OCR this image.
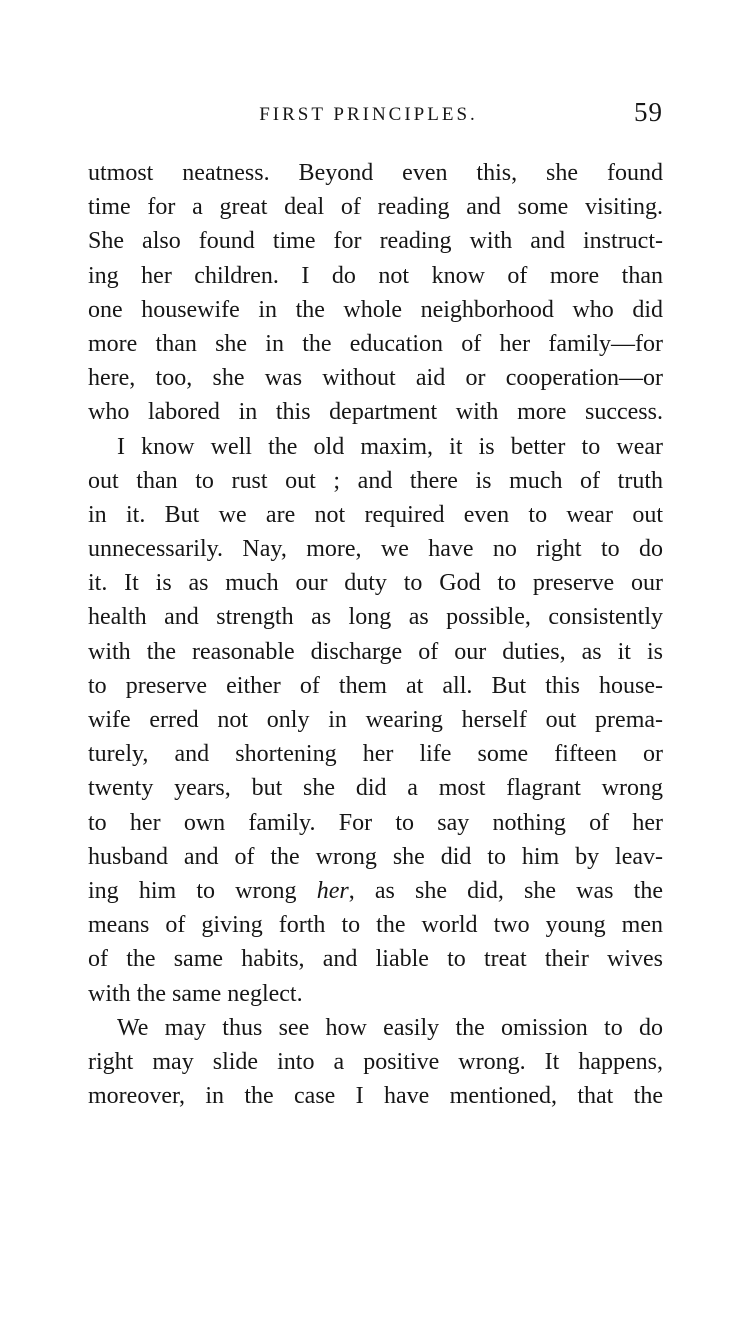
FIRST PRINCIPLES.	59
utmost neatness. Beyond even this, she found
time for a great deal of reading and some visiting.
She also found time for reading with and instruct-
ing her children. I do not know of more than
one housewife in the whole neighborhood who did
more than she in the education of her family—for
here, too, she was without aid or cooperation—or
who labored in this department with more success.
I know well the old maxim, it is better to wear
out than to rust out ; and there is much of truth
in it. But we are not required even to wear out
unnecessarily. Nay, more, we have no right to do
it. It is as much our duty to God to preserve our
health and strength as long as possible, consistently
with the reasonable discharge of our duties, as it is
to preserve either of them at all. But this house-
wife erred not only in wearing herself out prema-
turely, and shortening her life some fifteen or
twenty years, but she did a most flagrant wrong
to her own family. For to say nothing of her
husband and of the wrong she did to him by leav-
ing him to wrong her, as she did, she was the
means of giving forth to the world two young men
of the same habits, and liable to treat their wives
with the same neglect.
We may thus see how easily the omission to do
right may slide into a positive wrong. It happens,
moreover, in the case I have mentioned, that the
